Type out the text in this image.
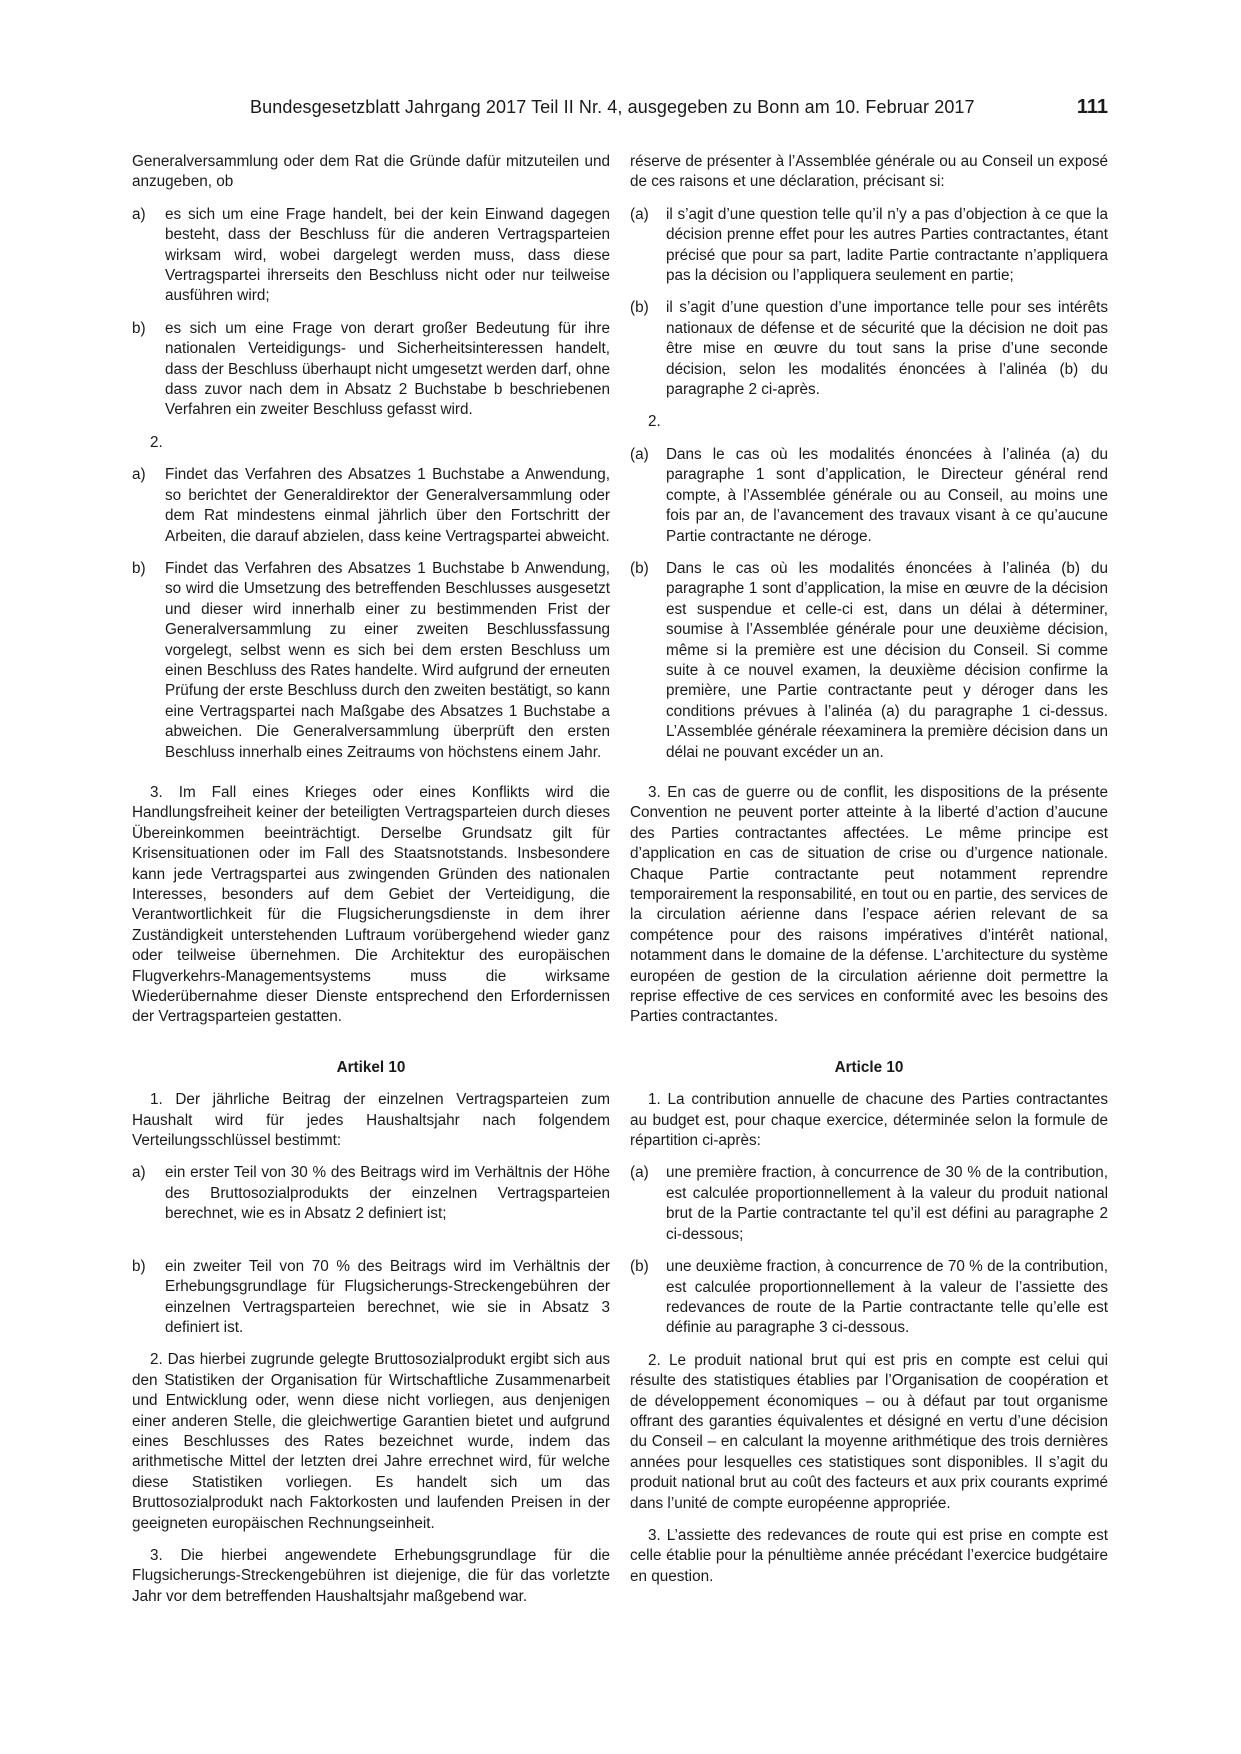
Bundesgesetzblatt Jahrgang 2017 Teil II Nr. 4, ausgegeben zu Bonn am 10. Februar 2017	111

Generalversammlung oder dem Rat die Gründe dafür mitzuteilen und anzugeben, ob

a) es sich um eine Frage handelt, bei der kein Einwand dagegen besteht, dass der Beschluss für die anderen Vertragsparteien wirksam wird, wobei dargelegt werden muss, dass diese Vertragspartei ihrerseits den Beschluss nicht oder nur teilweise ausführen wird;
b) es sich um eine Frage von derart großer Bedeutung für ihre nationalen Verteidigungs- und Sicherheitsinteressen handelt, dass der Beschluss überhaupt nicht umgesetzt werden darf, ohne dass zuvor nach dem in Absatz 2 Buchstabe b beschriebenen Verfahren ein zweiter Beschluss gefasst wird.

2.

a) Findet das Verfahren des Absatzes 1 Buchstabe a Anwendung, so berichtet der Generaldirektor der Generalversammlung oder dem Rat mindestens einmal jährlich über den Fortschritt der Arbeiten, die darauf abzielen, dass keine Vertragspartei abweicht.
b) Findet das Verfahren des Absatzes 1 Buchstabe b Anwendung, so wird die Umsetzung des betreffenden Beschlusses ausgesetzt und dieser wird innerhalb einer zu bestimmenden Frist der Generalversammlung zu einer zweiten Beschlussfassung vorgelegt, selbst wenn es sich bei dem ersten Beschluss um einen Beschluss des Rates handelte. Wird aufgrund der erneuten Prüfung der erste Beschluss durch den zweiten bestätigt, so kann eine Vertragspartei nach Maßgabe des Absatzes 1 Buchstabe a abweichen. Die Generalversammlung überprüft den ersten Beschluss innerhalb eines Zeitraums von höchstens einem Jahr.

3. Im Fall eines Krieges oder eines Konflikts wird die Handlungsfreiheit keiner der beteiligten Vertragsparteien durch dieses Übereinkommen beeinträchtigt. Derselbe Grundsatz gilt für Krisensituationen oder im Fall des Staatsnotstands. Insbesondere kann jede Vertragspartei aus zwingenden Gründen des nationalen Interesses, besonders auf dem Gebiet der Verteidigung, die Verantwortlichkeit für die Flugsicherungsdienste in dem ihrer Zuständigkeit unterstehenden Luftraum vorübergehend wieder ganz oder teilweise übernehmen. Die Architektur des europäischen Flugverkehrs-Managementsystems muss die wirksame Wiederübernahme dieser Dienste entsprechend den Erfordernissen der Vertragsparteien gestatten.

Artikel 10

1. Der jährliche Beitrag der einzelnen Vertragsparteien zum Haushalt wird für jedes Haushaltsjahr nach folgendem Verteilungsschlüssel bestimmt:

a) ein erster Teil von 30 % des Beitrags wird im Verhältnis der Höhe des Bruttosozialprodukts der einzelnen Vertragsparteien berechnet, wie es in Absatz 2 definiert ist;
b) ein zweiter Teil von 70 % des Beitrags wird im Verhältnis der Erhebungsgrundlage für Flugsicherungs-Streckengebühren der einzelnen Vertragsparteien berechnet, wie sie in Absatz 3 definiert ist.

2. Das hierbei zugrunde gelegte Bruttosozialprodukt ergibt sich aus den Statistiken der Organisation für Wirtschaftliche Zusammenarbeit und Entwicklung oder, wenn diese nicht vorliegen, aus denjenigen einer anderen Stelle, die gleichwertige Garantien bietet und aufgrund eines Beschlusses des Rates bezeichnet wurde, indem das arithmetische Mittel der letzten drei Jahre errechnet wird, für welche diese Statistiken vorliegen. Es handelt sich um das Bruttosozialprodukt nach Faktorkosten und laufenden Preisen in der geeigneten europäischen Rechnungseinheit.

3. Die hierbei angewendete Erhebungsgrundlage für die Flugsicherungs-Streckengebühren ist diejenige, die für das vorletzte Jahr vor dem betreffenden Haushaltsjahr maßgebend war.

réserve de présenter à l’Assemblée générale ou au Conseil un exposé de ces raisons et une déclaration, précisant si:

(a) il s’agit d’une question telle qu’il n’y a pas d’objection à ce que la décision prenne effet pour les autres Parties contractantes, étant précisé que pour sa part, ladite Partie contractante n’appliquera pas la décision ou l’appliquera seulement en partie;
(b) il s’agit d’une question d’une importance telle pour ses intérêts nationaux de défense et de sécurité que la décision ne doit pas être mise en œuvre du tout sans la prise d’une seconde décision, selon les modalités énoncées à l’alinéa (b) du paragraphe 2 ci-après.

2.

(a) Dans le cas où les modalités énoncées à l’alinéa (a) du paragraphe 1 sont d’application, le Directeur général rend compte, à l’Assemblée générale ou au Conseil, au moins une fois par an, de l’avancement des travaux visant à ce qu’aucune Partie contractante ne déroge.
(b) Dans le cas où les modalités énoncées à l’alinéa (b) du paragraphe 1 sont d’application, la mise en œuvre de la décision est suspendue et celle-ci est, dans un délai à déterminer, soumise à l’Assemblée générale pour une deuxième décision, même si la première est une décision du Conseil. Si comme suite à ce nouvel examen, la deuxième décision confirme la première, une Partie contractante peut y déroger dans les conditions prévues à l’alinéa (a) du paragraphe 1 ci-dessus. L’Assemblée générale réexaminera la première décision dans un délai ne pouvant excéder un an.

3. En cas de guerre ou de conflit, les dispositions de la présente Convention ne peuvent porter atteinte à la liberté d’action d’aucune des Parties contractantes affectées. Le même principe est d’application en cas de situation de crise ou d’urgence nationale. Chaque Partie contractante peut notamment reprendre temporairement la responsabilité, en tout ou en partie, des services de la circulation aérienne dans l’espace aérien relevant de sa compétence pour des raisons impératives d’intérêt national, notamment dans le domaine de la défense. L’architecture du système européen de gestion de la circulation aérienne doit permettre la reprise effective de ces services en conformité avec les besoins des Parties contractantes.

Article 10

1. La contribution annuelle de chacune des Parties contractantes au budget est, pour chaque exercice, déterminée selon la formule de répartition ci-après:

(a) une première fraction, à concurrence de 30 % de la contribution, est calculée proportionnellement à la valeur du produit national brut de la Partie contractante tel qu’il est défini au paragraphe 2 ci-dessous;
(b) une deuxième fraction, à concurrence de 70 % de la contribution, est calculée proportionnellement à la valeur de l’assiette des redevances de route de la Partie contractante telle qu’elle est définie au paragraphe 3 ci-dessous.

2. Le produit national brut qui est pris en compte est celui qui résulte des statistiques établies par l’Organisation de coopération et de développement économiques – ou à défaut par tout organisme offrant des garanties équivalentes et désigné en vertu d’une décision du Conseil – en calculant la moyenne arithmétique des trois dernières années pour lesquelles ces statistiques sont disponibles. Il s’agit du produit national brut au coût des facteurs et aux prix courants exprimé dans l’unité de compte européenne appropriée.

3. L’assiette des redevances de route qui est prise en compte est celle établie pour la pénultième année précédant l’exercice budgétaire en question.
